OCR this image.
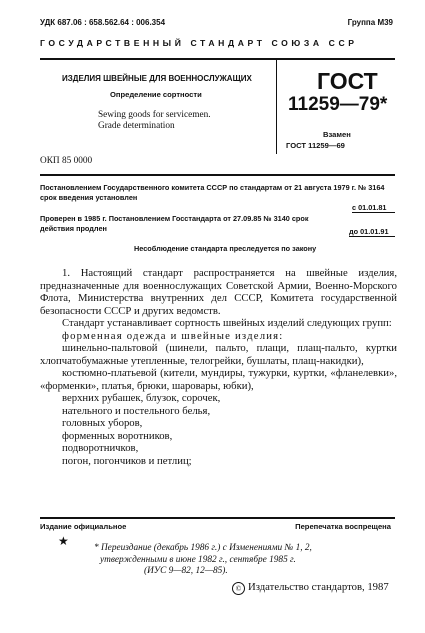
УДК 687.06 : 658.562.64 : 006.354	Группа М39
ГОСУДАРСТВЕННЫЙ СТАНДАРТ СОЮЗА ССР
ИЗДЕЛИЯ ШВЕЙНЫЕ ДЛЯ ВОЕННОСЛУЖАЩИХ
Определение сортности
Sewing goods for servicemen.
Grade determination
ГОСТ
11259—79*
Взамен
ГОСТ 11259—69
ОКП 85 0000
Постановлением Государственного комитета СССР по стандартам от 21 августа 1979 г. № 3164 срок введения установлен
с 01.01.81
Проверен в 1985 г. Постановлением Госстандарта от 27.09.85 № 3140 срок действия продлен	до 01.01.91
Несоблюдение стандарта преследуется по закону

1. Настоящий стандарт распространяется на швейные изделия, предназначенные для военнослужащих Советской Армии, Военно-Морского Флота, Министерства внутренних дел СССР, Комитета государственной безопасности СССР и других ведомств.

Стандарт устанавливает сортность швейных изделий следующих групп:

форменная одежда и швейные изделия:

шинельно-пальтовой (шинели, пальто, плащи, плащ-пальто, куртки хлопчатобумажные утепленные, телогрейки, бушлаты, плащ-накидки),

костюмно-платьевой (кители, мундиры, тужурки, куртки, «фланелевки», «форменки», платья, брюки, шаровары, юбки),

верхних рубашек, блузок, сорочек,

нательного и постельного белья,

головных уборов,

форменных воротников,

подворотничков,

погон, погончиков и петлиц;

Издание официальное	Перепечатка воспрещена
★	* Переиздание (декабрь 1986 г.) с Изменениями № 1, 2,
утвержденными в июне 1982 г., сентябре 1985 г.
(ИУС 9—82, 12—85).
© Издательство стандартов, 1987
